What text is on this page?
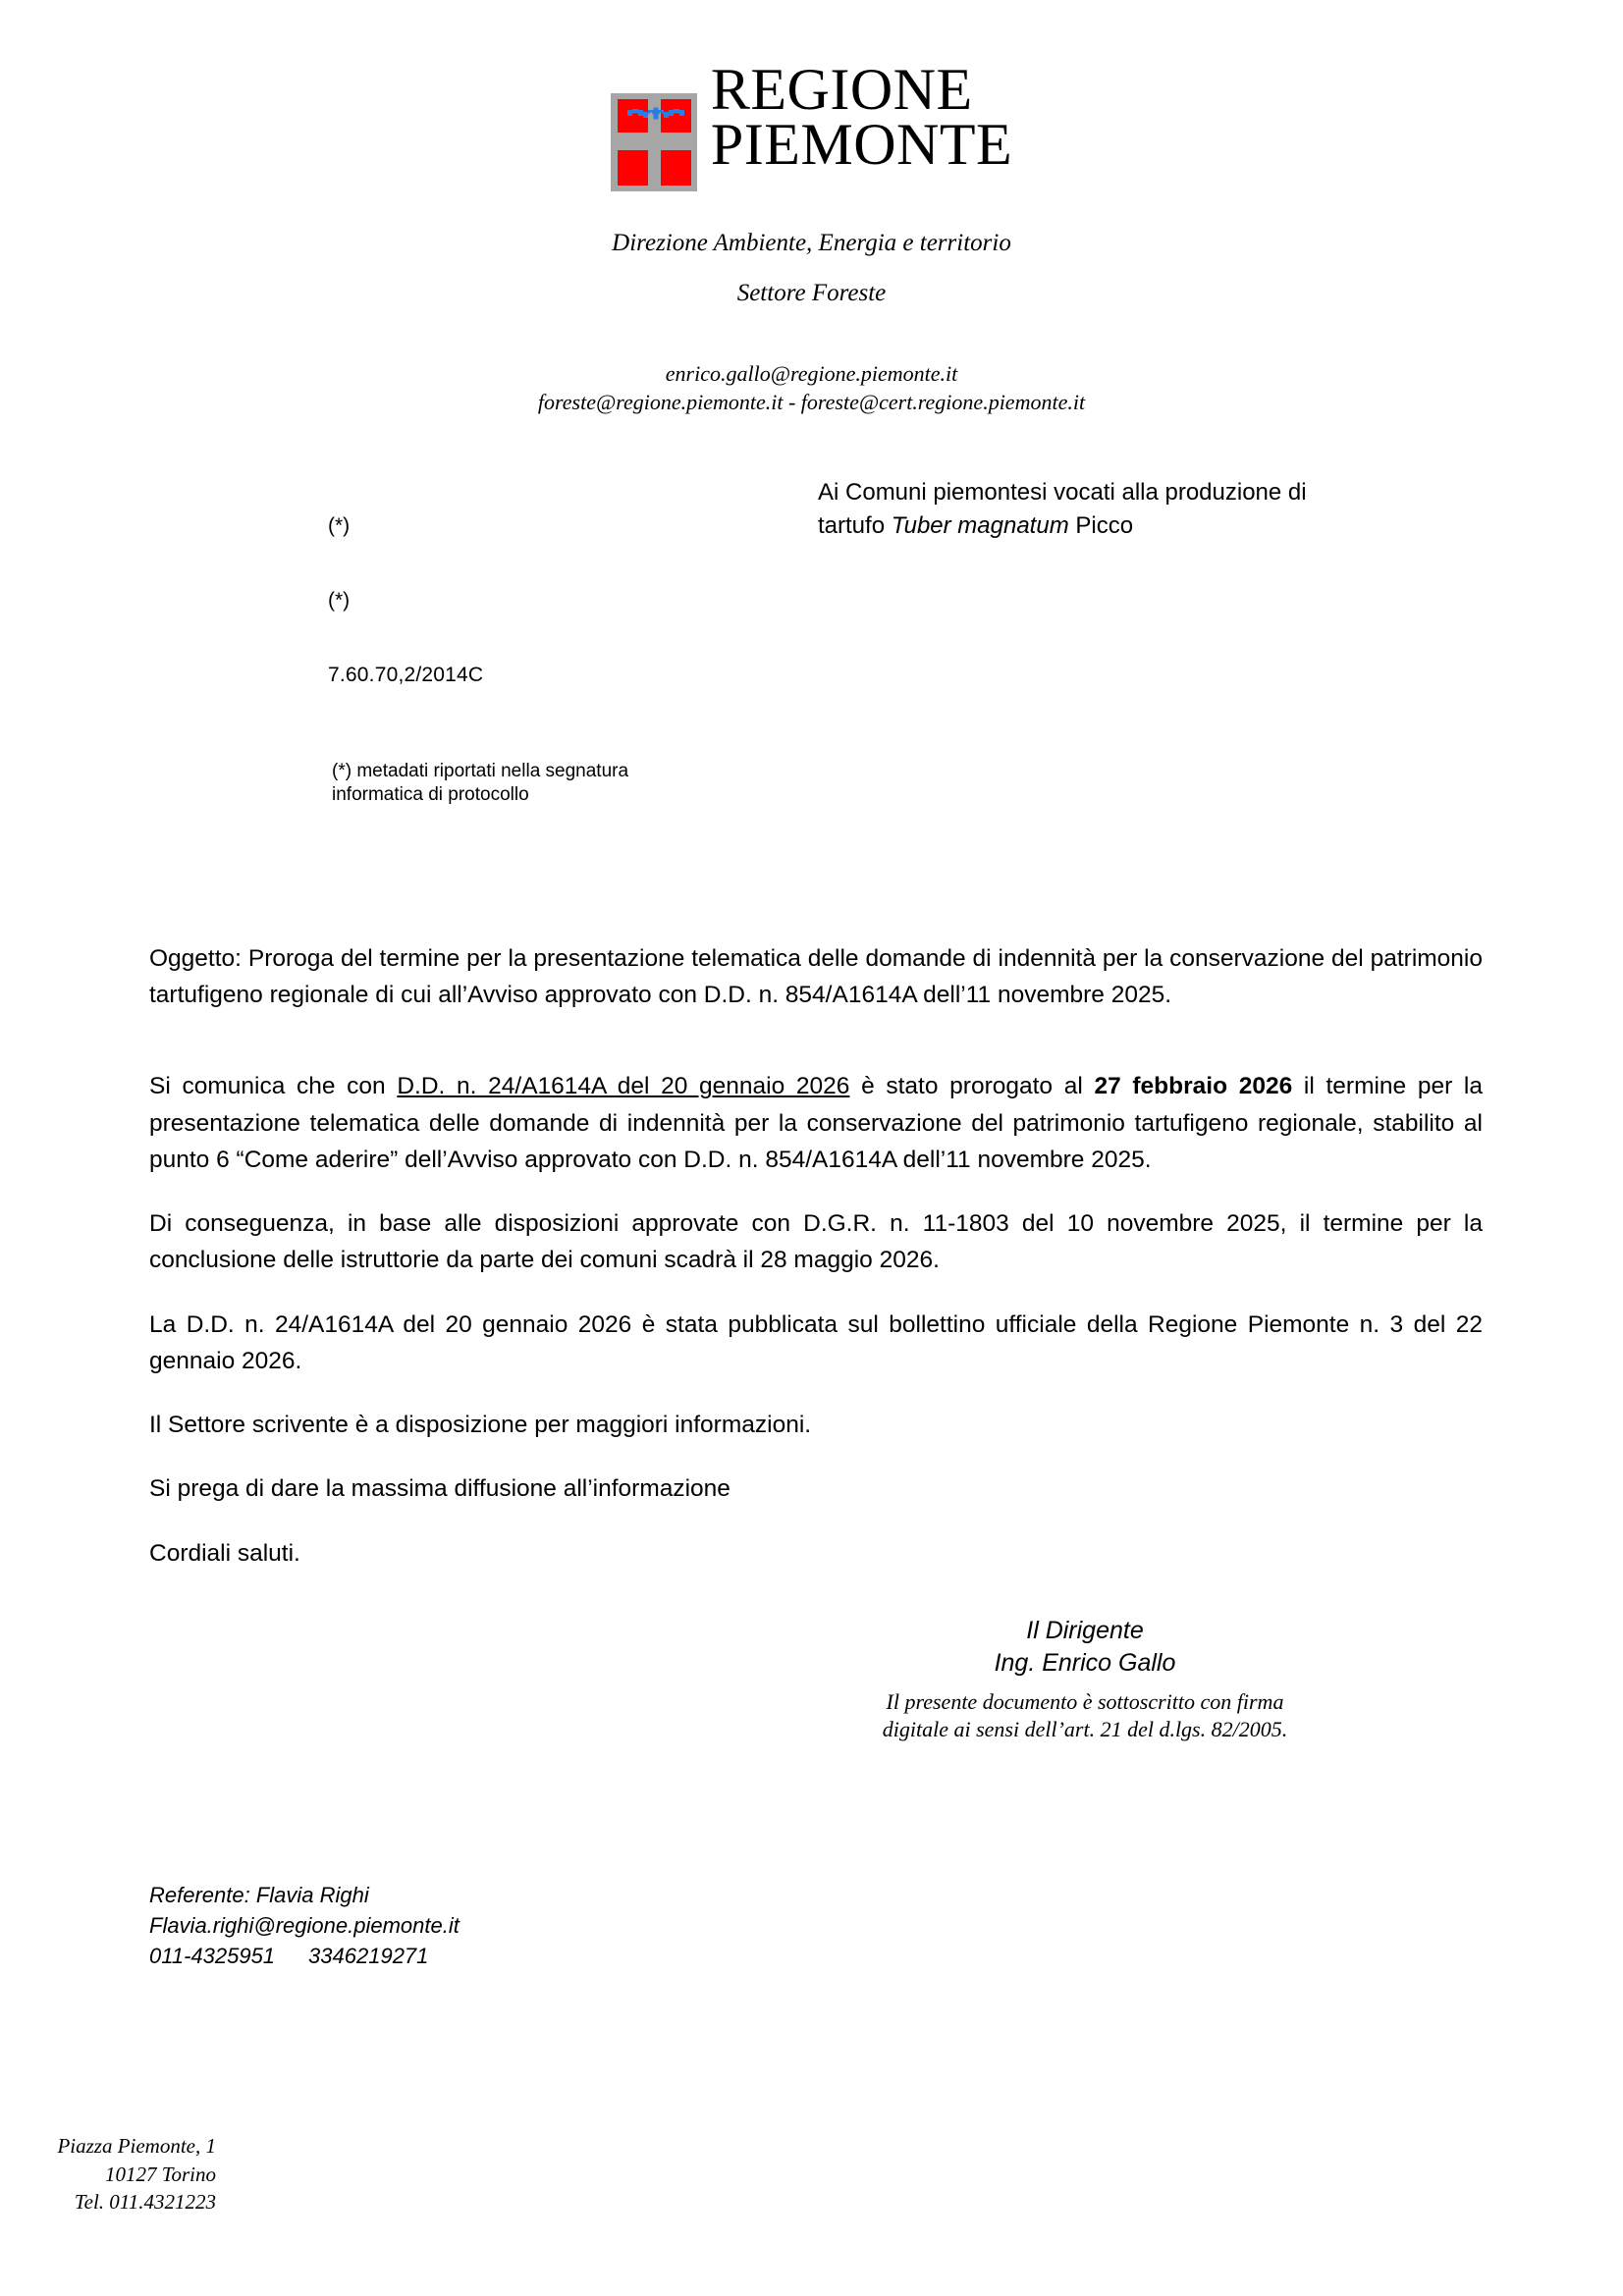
REGIONE
PIEMONTE
Direzione Ambiente, Energia e territorio
Settore Foreste
enrico.gallo@regione.piemonte.it
foreste@regione.piemonte.it - foreste@cert.regione.piemonte.it
(*)
(*)
7.60.70,2/2014C
(*) metadati riportati nella segnatura
informatica di protocollo
Ai Comuni piemontesi vocati alla produzione di
tartufo Tuber magnatum Picco

Oggetto: Proroga del termine per la presentazione telematica delle domande di indennità per la conservazione del patrimonio tartufigeno regionale di cui all’Avviso approvato con D.D. n. 854/A1614A dell’11 novembre 2025.

Si comunica che con D.D. n. 24/A1614A del 20 gennaio 2026 è stato prorogato al 27 febbraio 2026 il termine per la presentazione telematica delle domande di indennità per la conservazione del patrimonio tartufigeno regionale, stabilito al punto 6 “Come aderire” dell’Avviso approvato con D.D. n. 854/A1614A dell’11 novembre 2025.

Di conseguenza, in base alle disposizioni approvate con D.G.R. n. 11-1803 del 10 novembre 2025, il termine per la conclusione delle istruttorie da parte dei comuni scadrà il 28 maggio 2026.

La D.D. n. 24/A1614A del 20 gennaio 2026 è stata pubblicata sul bollettino ufficiale della Regione Piemonte n. 3 del 22 gennaio 2026.

Il Settore scrivente è a disposizione per maggiori informazioni.

Si prega di dare la massima diffusione all’informazione

Cordiali saluti.

Il Dirigente
Ing. Enrico Gallo
Il presente documento è sottoscritto con firma
digitale ai sensi dell’art. 21 del d.lgs. 82/2005.
Referente: Flavia Righi
Flavia.righi@regione.piemonte.it
011-4325951 3346219271
Piazza Piemonte, 1
10127 Torino
Tel. 011.4321223
